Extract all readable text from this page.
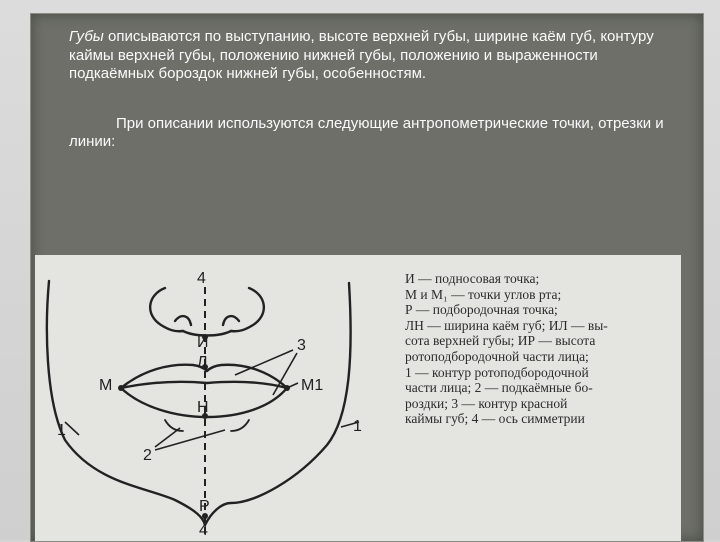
Губы описываются по выступанию, высоте верхней губы, ширине каём губ, контуру каймы верхней губы, положению нижней губы, положению и выраженности подкаёмных бороздок нижней губы, особенностям.

При описании используются следующие антропометрические точки, отрезки и линии:

4
4
И
Л
Н
М	М1
Р
1	1
2
3
И — подносовая точка;
М и М₁ — точки углов рта;
Р — подбородочная точка;
ЛН — ширина каём губ; ИЛ — вы-
сота верхней губы; ИР — высота
ротоподбородочной части лица;
1 — контур ротоподбородочной
части лица; 2 — подкаёмные бо-
роздки; 3 — контур красной
каймы губ; 4 — ось симметрии
